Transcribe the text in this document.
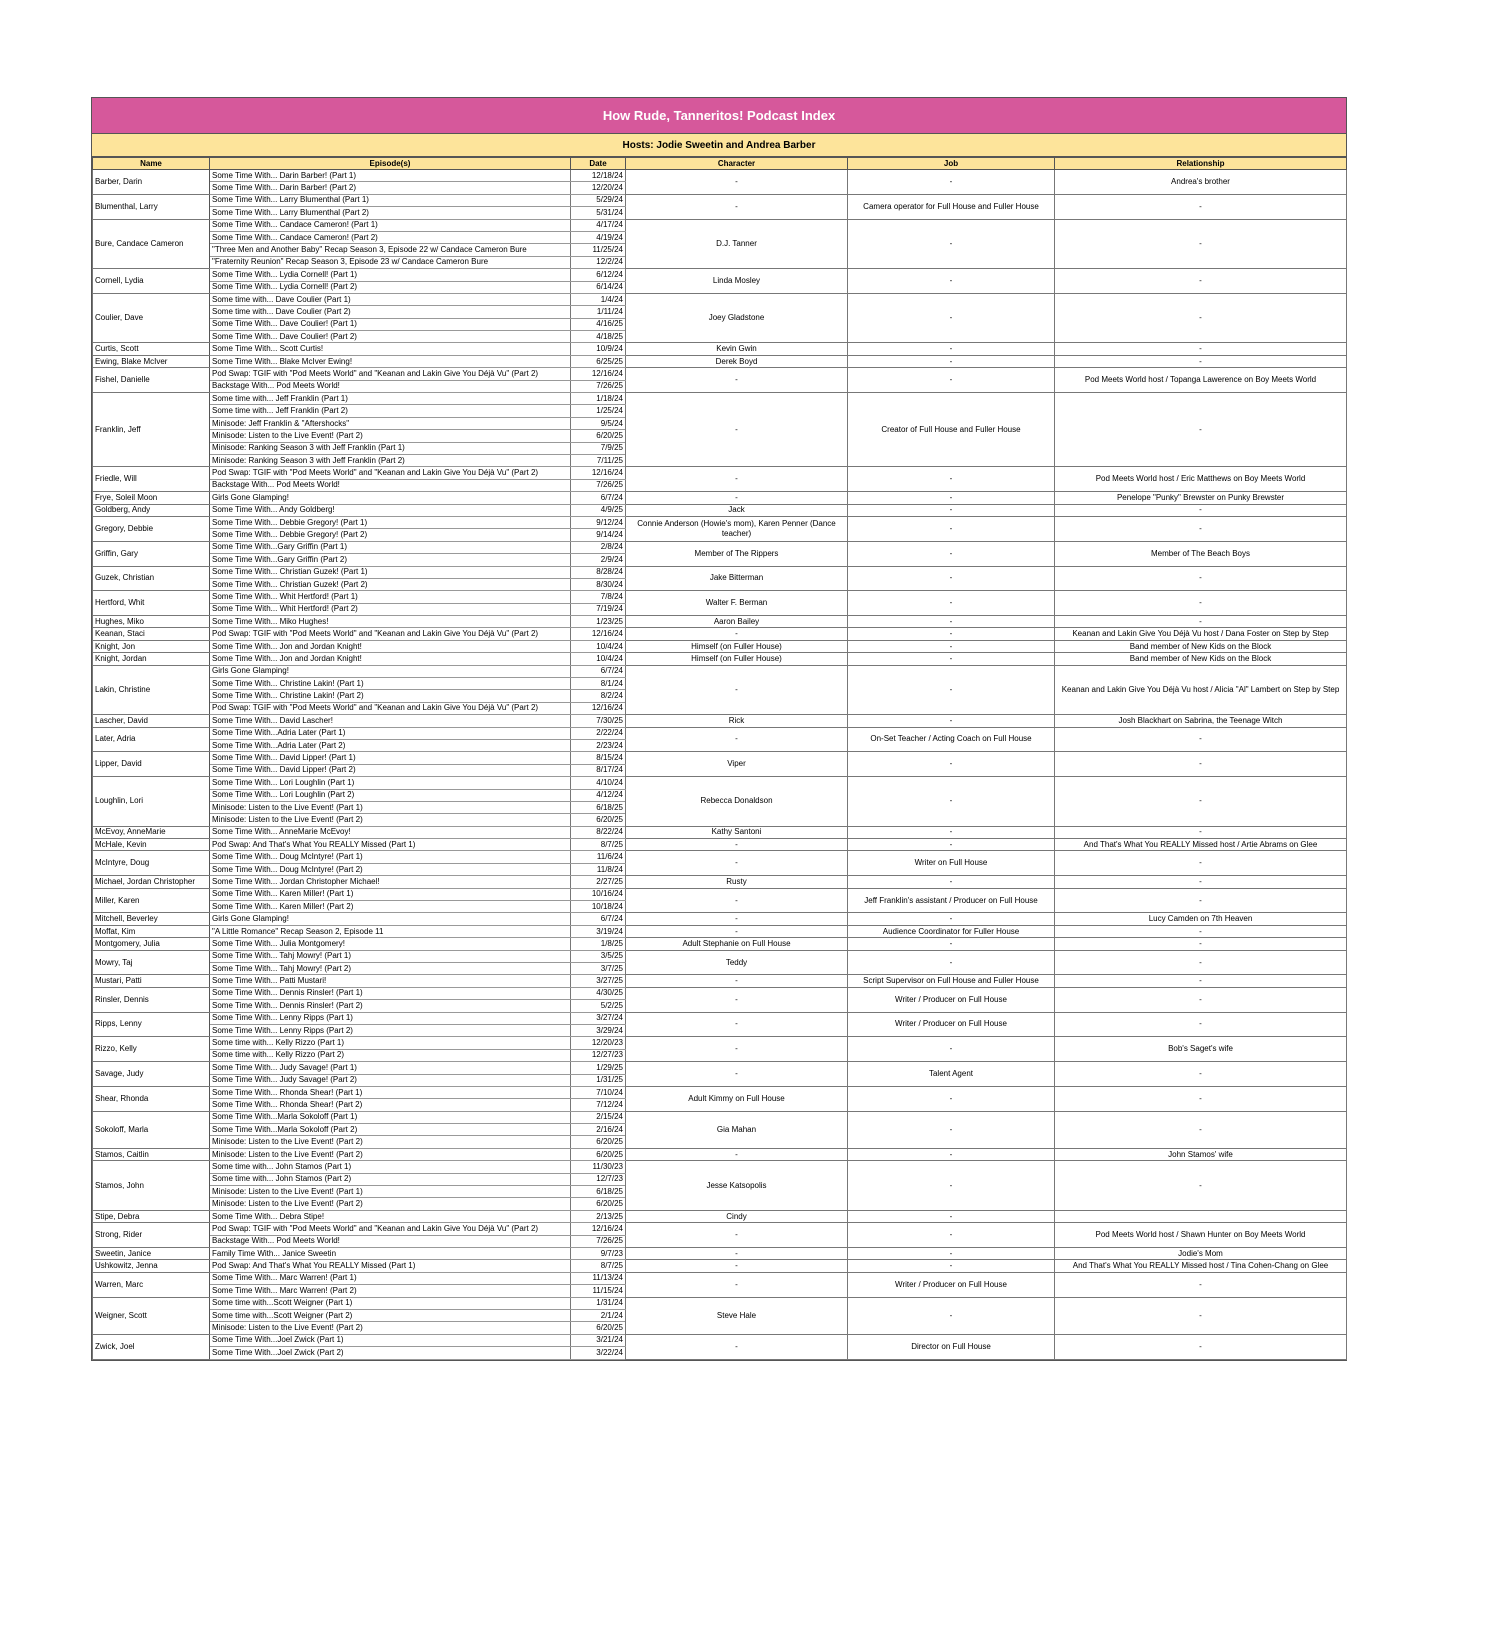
How Rude, Tanneritos! Podcast Index
Hosts: Jodie Sweetin and Andrea Barber
Name	Episode(s)	Date	Character	Job	Relationship
Barber, Darin	Some Time With... Darin Barber! (Part 1)	12/18/24	-	-	Andrea's brother
	Some Time With... Darin Barber! (Part 2)	12/20/24			
Blumenthal, Larry	Some Time With... Larry Blumenthal (Part 1)	5/29/24	-	Camera operator for Full House and Fuller House	-
	Some Time With... Larry Blumenthal (Part 2)	5/31/24			
Bure, Candace Cameron	Some Time With... Candace Cameron! (Part 1)	4/17/24	D.J. Tanner	-	-
	Some Time With... Candace Cameron! (Part 2)	4/19/24			
	"Three Men and Another Baby" Recap Season 3, Episode 22 w/ Candace Cameron Bure	11/25/24			
	"Fraternity Reunion" Recap Season 3, Episode 23 w/ Candace Cameron Bure	12/2/24			
Cornell, Lydia	Some Time With... Lydia Cornell! (Part 1)	6/12/24	Linda Mosley	-	-
	Some Time With... Lydia Cornell! (Part 2)	6/14/24			
Coulier, Dave	Some time with... Dave Coulier (Part 1)	1/4/24	Joey Gladstone	-	-
	Some time with... Dave Coulier (Part 2)	1/11/24			
	Some Time With... Dave Coulier! (Part 1)	4/16/25			
	Some Time With... Dave Coulier! (Part 2)	4/18/25			
Curtis, Scott	Some Time With... Scott Curtis!	10/9/24	Kevin Gwin	-	-
Ewing, Blake McIver	Some Time With... Blake McIver Ewing!	6/25/25	Derek Boyd	-	-
Fishel, Danielle	Pod Swap: TGIF with "Pod Meets World" and "Keanan and Lakin Give You Déjà Vu" (Part 2)	12/16/24	-	-	Pod Meets World host / Topanga Lawerence on Boy Meets World
	Backstage With... Pod Meets World!	7/26/25			
Franklin, Jeff	Some time with... Jeff Franklin (Part 1)	1/18/24	-	Creator of Full House and Fuller House	-
	Some time with... Jeff Franklin (Part 2)	1/25/24			
	Minisode: Jeff Franklin & "Aftershocks"	9/5/24			
	Minisode: Listen to the Live Event! (Part 2)	6/20/25			
	Minisode: Ranking Season 3 with Jeff Franklin (Part 1)	7/9/25			
	Minisode: Ranking Season 3 with Jeff Franklin (Part 2)	7/11/25			
Friedle, Will	Pod Swap: TGIF with "Pod Meets World" and "Keanan and Lakin Give You Déjà Vu" (Part 2)	12/16/24	-	-	Pod Meets World host / Eric Matthews on Boy Meets World
	Backstage With... Pod Meets World!	7/26/25			
Frye, Soleil Moon	Girls Gone Glamping!	6/7/24	-	-	Penelope "Punky" Brewster on Punky Brewster
Goldberg, Andy	Some Time With... Andy Goldberg!	4/9/25	Jack	-	-
Gregory, Debbie	Some Time With... Debbie Gregory! (Part 1)	9/12/24	Connie Anderson (Howie's mom), Karen Penner (Dance teacher)	-	-
	Some Time With... Debbie Gregory! (Part 2)	9/14/24			
Griffin, Gary	Some Time With...Gary Griffin (Part 1)	2/8/24	Member of The Rippers	-	Member of The Beach Boys
	Some Time With...Gary Griffin (Part 2)	2/9/24			
Guzek, Christian	Some Time With... Christian Guzek! (Part 1)	8/28/24	Jake Bitterman	-	-
	Some Time With... Christian Guzek! (Part 2)	8/30/24			
Hertford, Whit	Some Time With... Whit Hertford! (Part 1)	7/8/24	Walter F. Berman	-	-
	Some Time With... Whit Hertford! (Part 2)	7/19/24			
Hughes, Miko	Some Time With... Miko Hughes!	1/23/25	Aaron Bailey	-	-
Keanan, Staci	Pod Swap: TGIF with "Pod Meets World" and "Keanan and Lakin Give You Déjà Vu" (Part 2)	12/16/24	-	-	Keanan and Lakin Give You Déjà Vu host / Dana Foster on Step by Step
Knight, Jon	Some Time With... Jon and Jordan Knight!	10/4/24	Himself (on Fuller House)	-	Band member of New Kids on the Block
Knight, Jordan	Some Time With... Jon and Jordan Knight!	10/4/24	Himself (on Fuller House)	-	Band member of New Kids on the Block
Lakin, Christine	Girls Gone Glamping!	6/7/24	-	-	Keanan and Lakin Give You Déjà Vu host / Alicia "Al" Lambert on Step by Step
	Some Time With... Christine Lakin! (Part 1)	8/1/24			
	Some Time With... Christine Lakin! (Part 2)	8/2/24			
	Pod Swap: TGIF with "Pod Meets World" and "Keanan and Lakin Give You Déjà Vu" (Part 2)	12/16/24			
Lascher, David	Some Time With... David Lascher!	7/30/25	Rick	-	Josh Blackhart on Sabrina, the Teenage Witch
Later, Adria	Some Time With...Adria Later (Part 1)	2/22/24	-	On-Set Teacher / Acting Coach on Full House	-
	Some Time With...Adria Later (Part 2)	2/23/24			
Lipper, David	Some Time With... David Lipper! (Part 1)	8/15/24	Viper	-	-
	Some Time With... David Lipper! (Part 2)	8/17/24			
Loughlin, Lori	Some Time With... Lori Loughlin (Part 1)	4/10/24	Rebecca Donaldson	-	-
	Some Time With... Lori Loughlin (Part 2)	4/12/24			
	Minisode: Listen to the Live Event! (Part 1)	6/18/25			
	Minisode: Listen to the Live Event! (Part 2)	6/20/25			
McEvoy, AnneMarie	Some Time With... AnneMarie McEvoy!	8/22/24	Kathy Santoni	-	-
McHale, Kevin	Pod Swap: And That's What You REALLY Missed (Part 1)	8/7/25	-	-	And That's What You REALLY Missed host / Artie Abrams on Glee
McIntyre, Doug	Some Time With... Doug McIntyre! (Part 1)	11/6/24	-	Writer on Full House	-
	Some Time With... Doug McIntyre! (Part 2)	11/8/24			
Michael, Jordan Christopher	Some Time With... Jordan Christopher Michael!	2/27/25	Rusty	-	-
Miller, Karen	Some Time With... Karen Miller! (Part 1)	10/16/24	-	Jeff Franklin's assistant / Producer on Full House	-
	Some Time With... Karen Miller! (Part 2)	10/18/24			
Mitchell, Beverley	Girls Gone Glamping!	6/7/24	-	-	Lucy Camden on 7th Heaven
Moffat, Kim	"A Little Romance" Recap Season 2, Episode 11	3/19/24	-	Audience Coordinator for Fuller House	-
Montgomery, Julia	Some Time With... Julia Montgomery!	1/8/25	Adult Stephanie on Full House	-	-
Mowry, Taj	Some Time With... Tahj Mowry! (Part 1)	3/5/25	Teddy	-	-
	Some Time With... Tahj Mowry! (Part 2)	3/7/25			
Mustari, Patti	Some Time With... Patti Mustari!	3/27/25	-	Script Supervisor on Full House and Fuller House	-
Rinsler, Dennis	Some Time With... Dennis Rinsler! (Part 1)	4/30/25	-	Writer / Producer on Full House	-
	Some Time With... Dennis Rinsler! (Part 2)	5/2/25			
Ripps, Lenny	Some Time With... Lenny Ripps (Part 1)	3/27/24	-	Writer / Producer on Full House	-
	Some Time With... Lenny Ripps (Part 2)	3/29/24			
Rizzo, Kelly	Some time with... Kelly Rizzo (Part 1)	12/20/23	-	-	Bob's Saget's wife
	Some time with... Kelly Rizzo (Part 2)	12/27/23			
Savage, Judy	Some Time With... Judy Savage! (Part 1)	1/29/25	-	Talent Agent	-
	Some Time With... Judy Savage! (Part 2)	1/31/25			
Shear, Rhonda	Some Time With... Rhonda Shear! (Part 1)	7/10/24	Adult Kimmy on Full House	-	-
	Some Time With... Rhonda Shear! (Part 2)	7/12/24			
Sokoloff, Marla	Some Time With...Marla Sokoloff (Part 1)	2/15/24	Gia Mahan	-	-
	Some Time With...Marla Sokoloff (Part 2)	2/16/24			
	Minisode: Listen to the Live Event! (Part 2)	6/20/25			
Stamos, Caitlin	Minisode: Listen to the Live Event! (Part 2)	6/20/25	-	-	John Stamos' wife
Stamos, John	Some time with... John Stamos (Part 1)	11/30/23	Jesse Katsopolis	-	-
	Some time with... John Stamos (Part 2)	12/7/23			
	Minisode: Listen to the Live Event! (Part 1)	6/18/25			
	Minisode: Listen to the Live Event! (Part 2)	6/20/25			
Stipe, Debra	Some Time With... Debra Stipe!	2/13/25	Cindy	-	
Strong, Rider	Pod Swap: TGIF with "Pod Meets World" and "Keanan and Lakin Give You Déjà Vu" (Part 2)	12/16/24	-	-	Pod Meets World host / Shawn Hunter on Boy Meets World
	Backstage With... Pod Meets World!	7/26/25			
Sweetin, Janice	Family Time With... Janice Sweetin	9/7/23	-	-	Jodie's Mom
Ushkowitz, Jenna	Pod Swap: And That's What You REALLY Missed (Part 1)	8/7/25	-	-	And That's What You REALLY Missed host / Tina Cohen-Chang on Glee
Warren, Marc	Some Time With... Marc Warren! (Part 1)	11/13/24	-	Writer / Producer on Full House	-
	Some Time With... Marc Warren! (Part 2)	11/15/24			
Weigner, Scott	Some time with...Scott Weigner (Part 1)	1/31/24	Steve Hale	-	-
	Some time with...Scott Weigner (Part 2)	2/1/24			
	Minisode: Listen to the Live Event! (Part 2)	6/20/25			
Zwick, Joel	Some Time With...Joel Zwick (Part 1)	3/21/24	-	Director on Full House	-
	Some Time With...Joel Zwick (Part 2)	3/22/24			
